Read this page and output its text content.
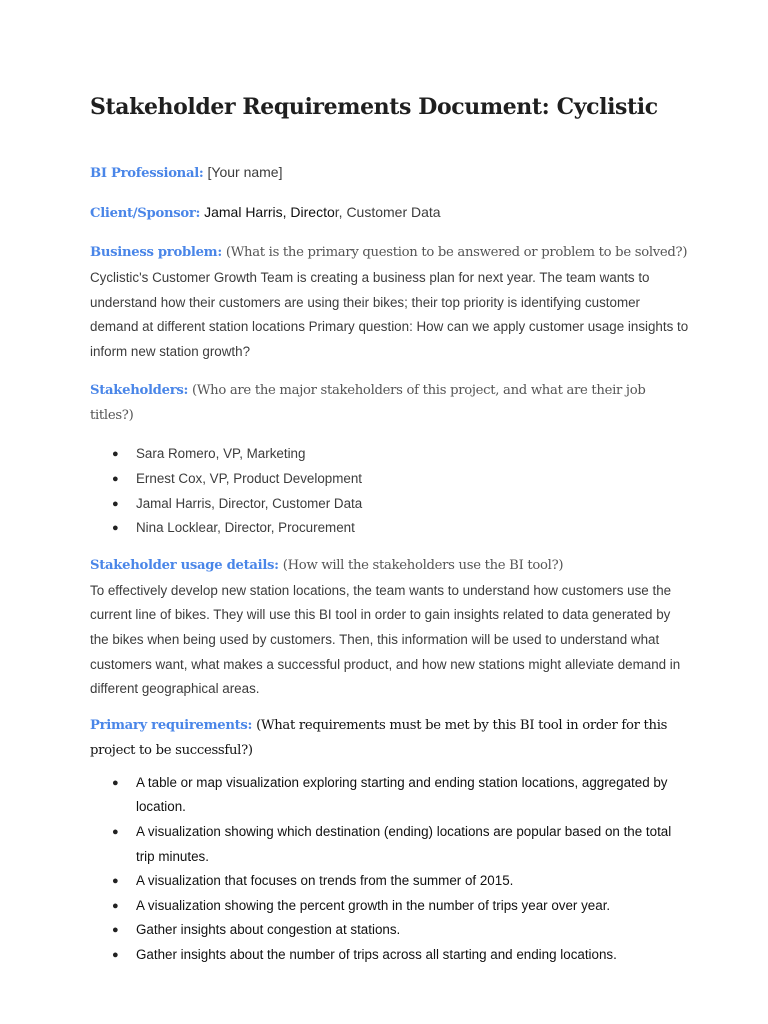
Stakeholder Requirements Document: Cyclistic

BI Professional: [Your name]

Client/Sponsor: Jamal Harris, Director, Customer Data

Business problem: (What is the primary question to be answered or problem to be solved?)

Cyclistic's Customer Growth Team is creating a business plan for next year. The team wants to understand how their customers are using their bikes; their top priority is identifying customer demand at different station locations Primary question: How can we apply customer usage insights to inform new station growth?

Stakeholders: (Who are the major stakeholders of this project, and what are their job titles?)

● Sara Romero, VP, Marketing
● Ernest Cox, VP, Product Development
● Jamal Harris, Director, Customer Data
● Nina Locklear, Director, Procurement

Stakeholder usage details: (How will the stakeholders use the BI tool?)

To effectively develop new station locations, the team wants to understand how customers use the current line of bikes. They will use this BI tool in order to gain insights related to data generated by the bikes when being used by customers. Then, this information will be used to understand what customers want, what makes a successful product, and how new stations might alleviate demand in different geographical areas.

Primary requirements: (What requirements must be met by this BI tool in order for this project to be successful?)

● A table or map visualization exploring starting and ending station locations, aggregated by location.
● A visualization showing which destination (ending) locations are popular based on the total trip minutes.
● A visualization that focuses on trends from the summer of 2015.
● A visualization showing the percent growth in the number of trips year over year.
● Gather insights about congestion at stations.
● Gather insights about the number of trips across all starting and ending locations.
